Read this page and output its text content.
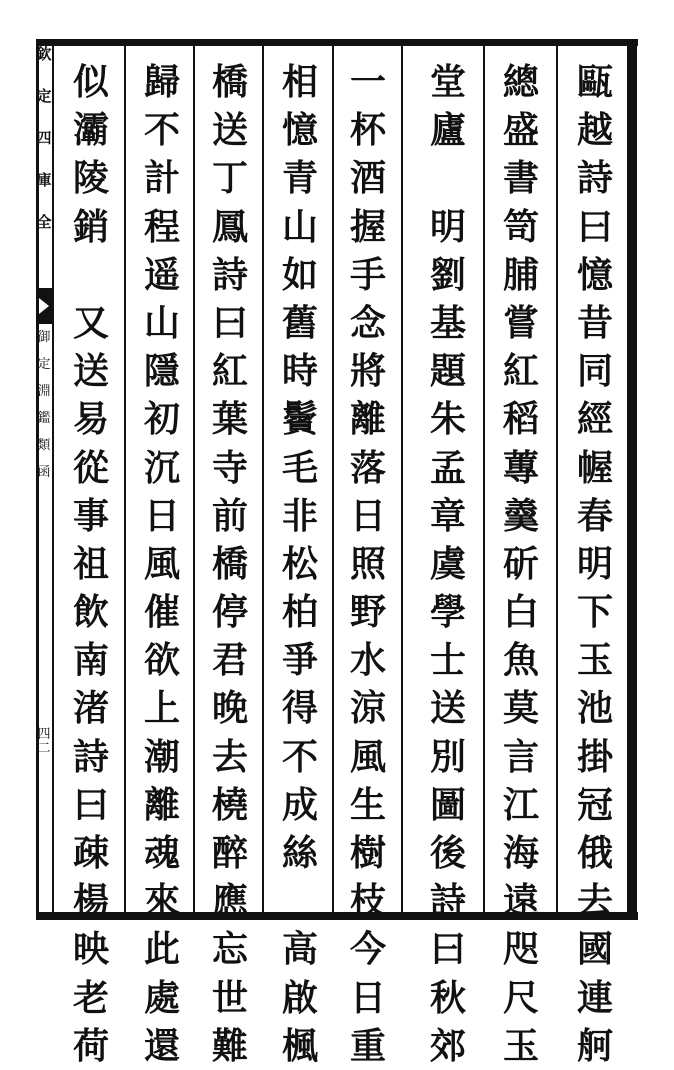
欽
定
四
庫
全
御
定
淵
鑑
類
函
四二
甌
越
詩
曰
憶
昔
同
經
幄
春
明
下
玉
池
掛
冠
俄
去
國
連
舸
總
盛
書
笥
脯
嘗
紅
稻
蓴
羹
斫
白
魚
莫
言
江
海
遠
咫
尺
玉
堂
廬

明
劉
基
題
朱
孟
章
虞
學
士
送
別
圖
後
詩
曰
秋
郊
一
杯
酒
握
手
念
將
離
落
日
照
野
水
涼
風
生
樹
枝
今
日
重
相
憶
青
山
如
舊
時
鬢
毛
非
松
柏
爭
得
不
成
絲

高
啟
楓
橋
送
丁
鳳
詩
曰
紅
葉
寺
前
橋
停
君
晚
去
橈
醉
應
忘
世
難
歸
不
計
程
遥
山
隱
初
沉
日
風
催
欲
上
潮
離
魂
來
此
處
還
似
灞
陵
銷

又
送
易
從
事
祖
飲
南
渚
詩
曰
疎
楊
映
老
荷
